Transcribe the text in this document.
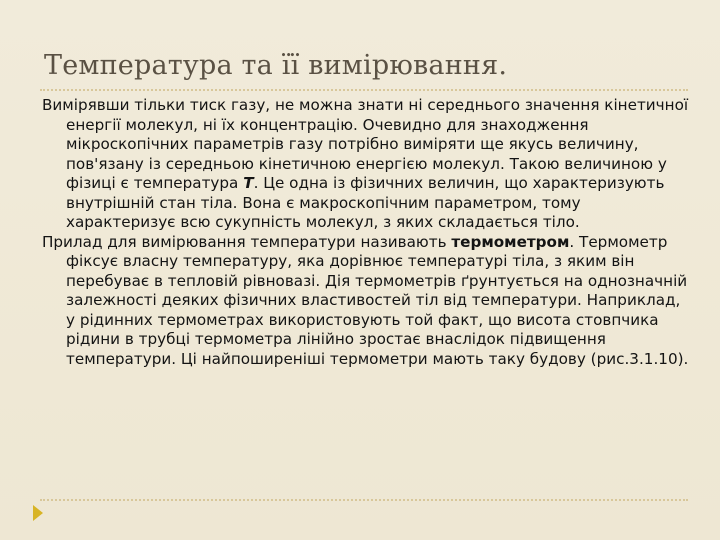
Температура та її вимірювання.

Вимірявши тільки тиск газу, не можна знати ні середнього значення кінетичної енергії молекул, ні їх концентрацію. Очевидно для знаходження мікроскопічних параметрів газу потрібно виміряти ще якусь величину, пов'язану із середньою кінетичною енергією молекул. Такою величиною у фізиці є температура T. Це одна із фізичних величин, що характеризують внутрішній стан тіла. Вона є макроскопічним параметром, тому характеризує всю сукупність молекул, з яких складається тіло.

Прилад для вимірювання температури називають термометром. Термометр фіксує власну температуру, яка дорівнює температурі тіла, з яким він перебуває в тепловій рівновазі. Дія термометрів ґрунтується на однозначній залежності деяких фізичних властивостей тіл від температури. Наприклад, у рідинних термометрах використовують той факт, що висота стовпчика рідини в трубці термометра лінійно зростає внаслідок підвищення температури. Ці найпоширеніші термометри мають таку будову (рис.3.1.10).
